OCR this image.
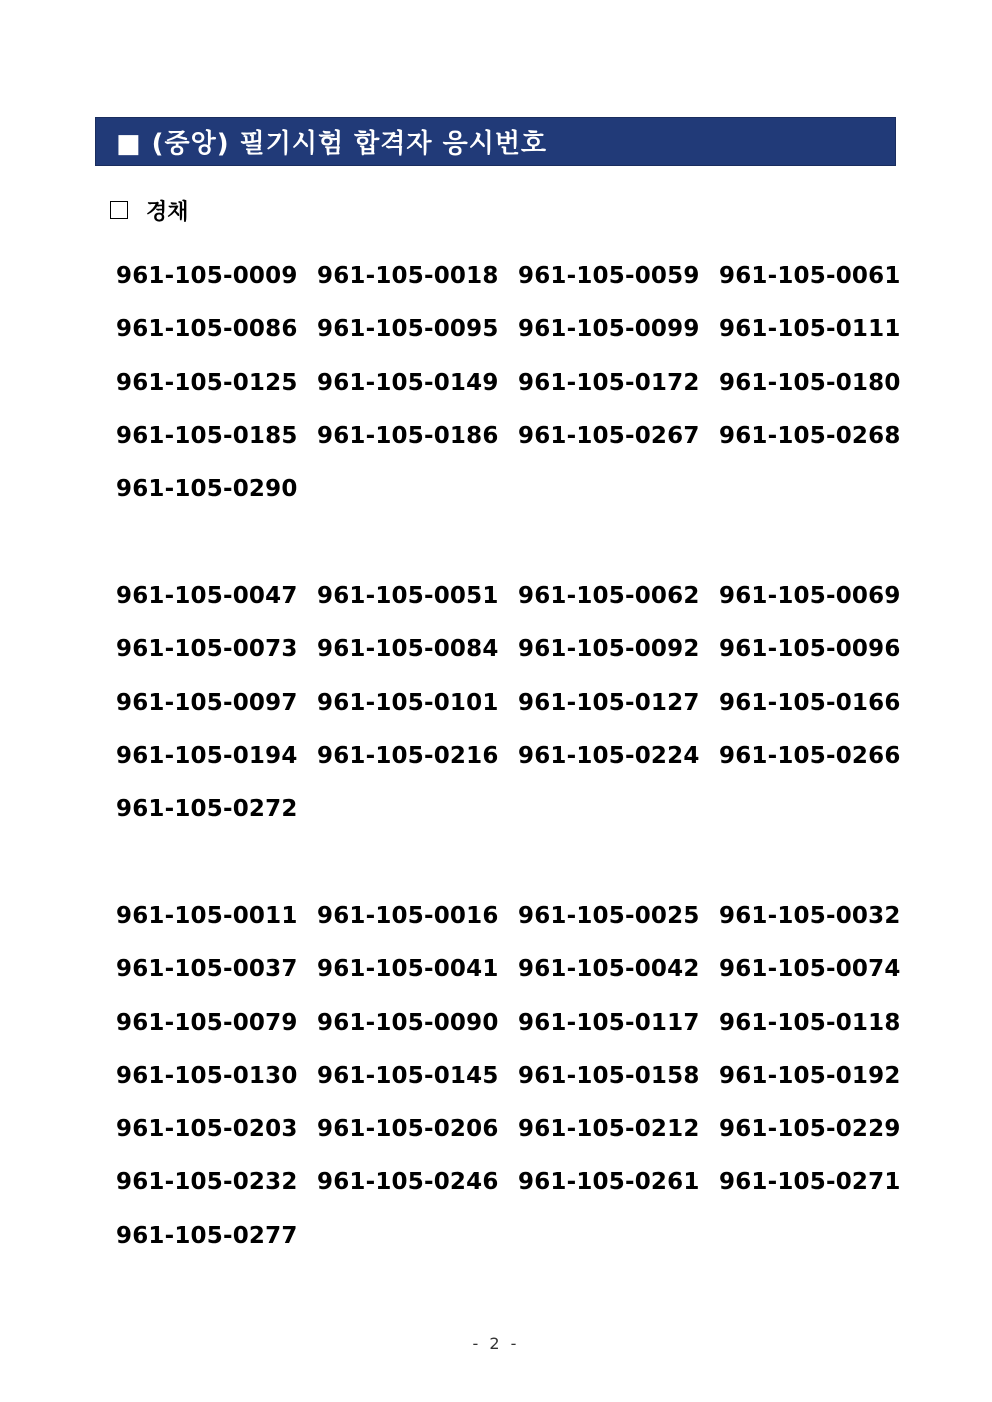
■ (중앙) 필기시험 합격자 응시번호
경채
961-105-0009 961-105-0018 961-105-0059 961-105-0061
961-105-0086 961-105-0095 961-105-0099 961-105-0111
961-105-0125 961-105-0149 961-105-0172 961-105-0180
961-105-0185 961-105-0186 961-105-0267 961-105-0268
961-105-0290
961-105-0047 961-105-0051 961-105-0062 961-105-0069
961-105-0073 961-105-0084 961-105-0092 961-105-0096
961-105-0097 961-105-0101 961-105-0127 961-105-0166
961-105-0194 961-105-0216 961-105-0224 961-105-0266
961-105-0272
961-105-0011 961-105-0016 961-105-0025 961-105-0032
961-105-0037 961-105-0041 961-105-0042 961-105-0074
961-105-0079 961-105-0090 961-105-0117 961-105-0118
961-105-0130 961-105-0145 961-105-0158 961-105-0192
961-105-0203 961-105-0206 961-105-0212 961-105-0229
961-105-0232 961-105-0246 961-105-0261 961-105-0271
961-105-0277
- 2 -
